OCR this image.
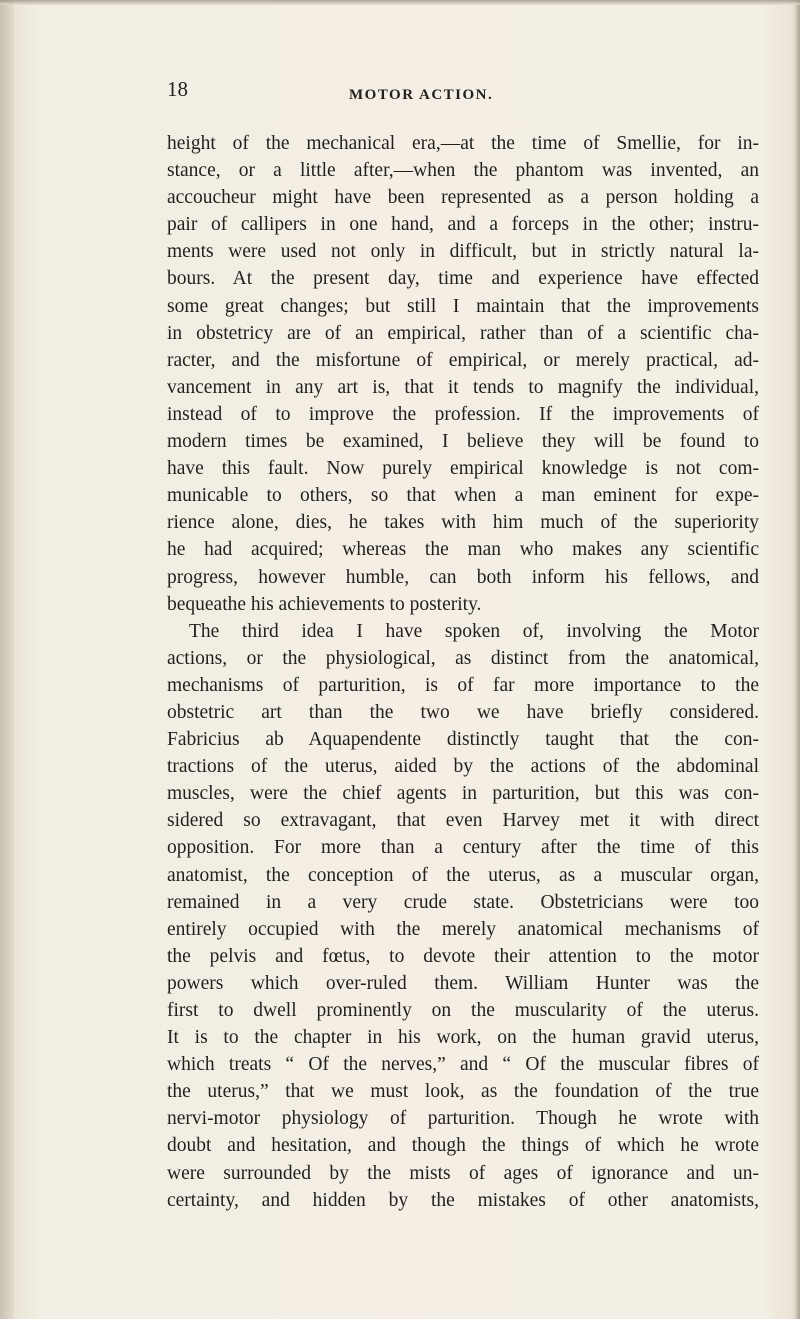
18	MOTOR ACTION.
height of the mechanical era,—at the time of Smellie, for in-
stance, or a little after,—when the phantom was invented, an
accoucheur might have been represented as a person holding a
pair of callipers in one hand, and a forceps in the other; instru-
ments were used not only in difficult, but in strictly natural la-
bours. At the present day, time and experience have effected
some great changes; but still I maintain that the improvements
in obstetricy are of an empirical, rather than of a scientific cha-
racter, and the misfortune of empirical, or merely practical, ad-
vancement in any art is, that it tends to magnify the individual,
instead of to improve the profession. If the improvements of
modern times be examined, I believe they will be found to
have this fault. Now purely empirical knowledge is not com-
municable to others, so that when a man eminent for expe-
rience alone, dies, he takes with him much of the superiority
he had acquired; whereas the man who makes any scientific
progress, however humble, can both inform his fellows, and
bequeathe his achievements to posterity.
The third idea I have spoken of, involving the Motor
actions, or the physiological, as distinct from the anatomical,
mechanisms of parturition, is of far more importance to the
obstetric art than the two we have briefly considered.
Fabricius ab Aquapendente distinctly taught that the con-
tractions of the uterus, aided by the actions of the abdominal
muscles, were the chief agents in parturition, but this was con-
sidered so extravagant, that even Harvey met it with direct
opposition. For more than a century after the time of this
anatomist, the conception of the uterus, as a muscular organ,
remained in a very crude state. Obstetricians were too
entirely occupied with the merely anatomical mechanisms of
the pelvis and fœtus, to devote their attention to the motor
powers which over-ruled them. William Hunter was the
first to dwell prominently on the muscularity of the uterus.
It is to the chapter in his work, on the human gravid uterus,
which treats “ Of the nerves,” and “ Of the muscular fibres of
the uterus,” that we must look, as the foundation of the true
nervi-motor physiology of parturition. Though he wrote with
doubt and hesitation, and though the things of which he wrote
were surrounded by the mists of ages of ignorance and un-
certainty, and hidden by the mistakes of other anatomists,
